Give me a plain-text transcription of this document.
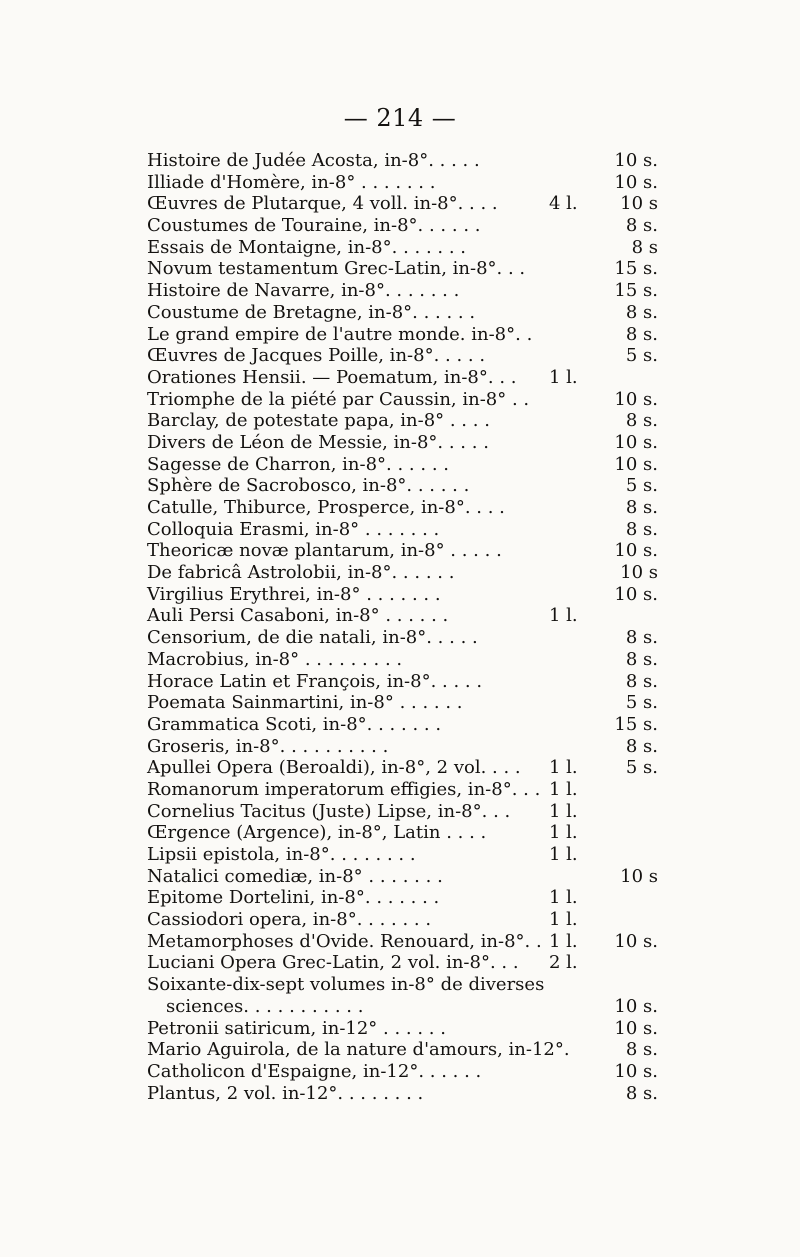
— 214 —
Histoire de Judée Acosta, in-8°. . . . .	10 s.
Illiade d'Homère, in-8° . . . . . . .	10 s.
Œuvres de Plutarque, 4 voll. in-8°. . . .	4 l.	10 s
Coustumes de Touraine, in-8°. . . . . .	8 s.
Essais de Montaigne, in-8°. . . . . . .	8 s
Novum testamentum Grec-Latin, in-8°. . .	15 s.
Histoire de Navarre, in-8°. . . . . . .	15 s.
Coustume de Bretagne, in-8°. . . . . .	8 s.
Le grand empire de l'autre monde. in-8°. .	8 s.
Œuvres de Jacques Poille, in-8°. . . . .	5 s.
Orationes Hensii. — Poematum, in-8°. . . 1 l.
Triomphe de la piété par Caussin, in-8° . .	10 s.
Barclay, de potestate papa, in-8° . . . .	8 s.
Divers de Léon de Messie, in-8°. . . . .	10 s.
Sagesse de Charron, in-8°. . . . . .	10 s.
Sphère de Sacrobosco, in-8°. . . . . .	5 s.
Catulle, Thiburce, Prosperce, in-8°. . . .	8 s.
Colloquia Erasmi, in-8° . . . . . . .	8 s.
Theoricæ novæ plantarum, in-8° . . . . .	10 s.
De fabricâ Astrolobii, in-8°. . . . . .	10 s
Virgilius Erythrei, in-8° . . . . . . .	10 s.
Auli Persi Casaboni, in-8° . . . . . .	1 l.
Censorium, de die natali, in-8°. . . . .	8 s.
Macrobius, in-8° . . . . . . . . .	8 s.
Horace Latin et François, in-8°. . . . .	8 s.
Poemata Sainmartini, in-8° . . . . . .	5 s.
Grammatica Scoti, in-8°. . . . . . .	15 s.
Groseris, in-8°. . . . . . . . . .	8 s.
Apullei Opera (Beroaldi), in-8°, 2 vol. . . . 1 l.	5 s.
Romanorum imperatorum effigies, in-8°. . . 1 l.
Cornelius Tacitus (Juste) Lipse, in-8°. . . 1 l.
Œrgence (Argence), in-8°, Latin . . . .	1 l.
Lipsii epistola, in-8°. . . . . . . .	1 l.
Natalici comediæ, in-8° . . . . . . .	10 s
Epitome Dortelini, in-8°. . . . . . .	1 l.
Cassiodori opera, in-8°. . . . . . .	1 l.
Metamorphoses d'Ovide. Renouard, in-8°. . 1 l.	10 s.
Luciani Opera Grec-Latin, 2 vol. in-8°. . . 2 l.
Soixante-dix-sept volumes in-8° de diverses
sciences. . . . . . . . . . .	10 s.
Petronii satiricum, in-12° . . . . . .	10 s.
Mario Aguirola, de la nature d'amours, in-12°.	8 s.
Catholicon d'Espaigne, in-12°. . . . . .	10 s.
Plantus, 2 vol. in-12°. . . . . . . .	8 s.
